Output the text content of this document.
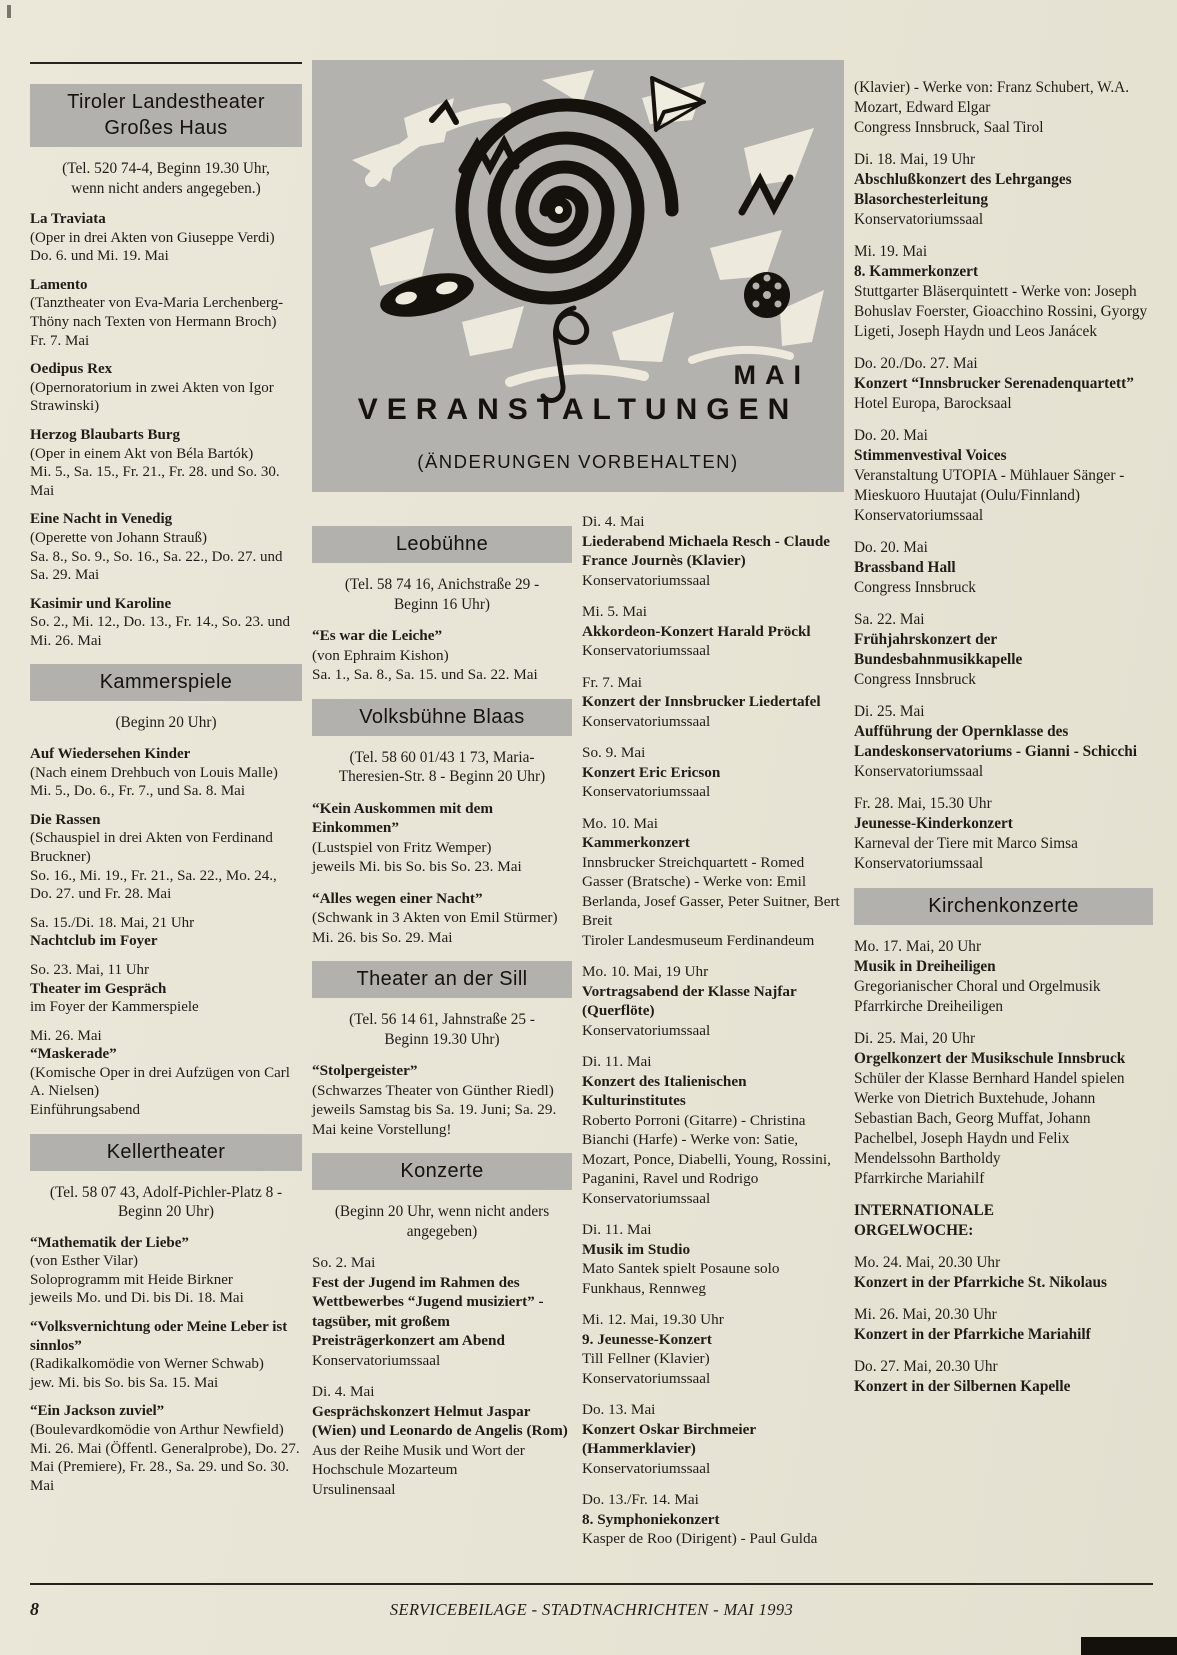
Tiroler Landestheater
Großes Haus

(Tel. 520 74-4, Beginn 19.30 Uhr,
wenn nicht anders angegeben.)

La Traviata

(Oper in drei Akten von Giuseppe Verdi)

Do. 6. und Mi. 19. Mai

Lamento

(Tanztheater von Eva-Maria Lerchenberg-Thöny nach Texten von Hermann Broch)

Fr. 7. Mai

Oedipus Rex

(Opernoratorium in zwei Akten von Igor Strawinski)

Herzog Blaubarts Burg

(Oper in einem Akt von Béla Bartók)

Mi. 5., Sa. 15., Fr. 21., Fr. 28. und So. 30. Mai

Eine Nacht in Venedig

(Operette von Johann Strauß)

Sa. 8., So. 9., So. 16., Sa. 22., Do. 27. und Sa. 29. Mai

Kasimir und Karoline

So. 2., Mi. 12., Do. 13., Fr. 14., So. 23. und Mi. 26. Mai

Kammerspiele

(Beginn 20 Uhr)

Auf Wiedersehen Kinder

(Nach einem Drehbuch von Louis Malle)

Mi. 5., Do. 6., Fr. 7., und Sa. 8. Mai

Die Rassen

(Schauspiel in drei Akten von Ferdinand Bruckner)

So. 16., Mi. 19., Fr. 21., Sa. 22., Mo. 24., Do. 27. und Fr. 28. Mai

Sa. 15./Di. 18. Mai, 21 Uhr

Nachtclub im Foyer

So. 23. Mai, 11 Uhr

Theater im Gespräch

im Foyer der Kammerspiele

Mi. 26. Mai

“Maskerade”

(Komische Oper in drei Aufzügen von Carl A. Nielsen)

Einführungsabend

Kellertheater

(Tel. 58 07 43, Adolf-Pichler-Platz 8 -
Beginn 20 Uhr)

“Mathematik der Liebe”

(von Esther Vilar)

Soloprogramm mit Heide Birkner

jeweils Mo. und Di. bis Di. 18. Mai

“Volksvernichtung oder Meine Leber ist sinnlos”

(Radikalkomödie von Werner Schwab)

jew. Mi. bis So. bis Sa. 15. Mai

“Ein Jackson zuviel”

(Boulevardkomödie von Arthur Newfield)

Mi. 26. Mai (Öffentl. Generalprobe), Do. 27. Mai (Premiere), Fr. 28., Sa. 29. und So. 30. Mai

MAI
VERANSTALTUNGEN
(ÄNDERUNGEN VORBEHALTEN)
Leobühne

(Tel. 58 74 16, Anichstraße 29 -
Beginn 16 Uhr)

“Es war die Leiche”

(von Ephraim Kishon)

Sa. 1., Sa. 8., Sa. 15. und Sa. 22. Mai

Volksbühne Blaas

(Tel. 58 60 01/43 1 73, Maria-
Theresien-Str. 8 - Beginn 20 Uhr)

“Kein Auskommen mit dem Einkommen”

(Lustspiel von Fritz Wemper)

jeweils Mi. bis So. bis So. 23. Mai

“Alles wegen einer Nacht”

(Schwank in 3 Akten von Emil Stürmer)

Mi. 26. bis So. 29. Mai

Theater an der Sill

(Tel. 56 14 61, Jahnstraße 25 -
Beginn 19.30 Uhr)

“Stolpergeister”

(Schwarzes Theater von Günther Riedl)

jeweils Samstag bis Sa. 19. Juni; Sa. 29. Mai keine Vorstellung!

Konzerte

(Beginn 20 Uhr, wenn nicht anders
angegeben)

So. 2. Mai

Fest der Jugend im Rahmen des Wettbewerbes “Jugend musiziert” - tagsüber, mit großem Preisträgerkonzert am Abend

Konservatoriumssaal

Di. 4. Mai

Gesprächskonzert Helmut Jaspar (Wien) und Leonardo de Angelis (Rom)

Aus der Reihe Musik und Wort der Hochschule Mozarteum

Ursulinensaal

Di. 4. Mai

Liederabend Michaela Resch - Claude France Journès (Klavier)

Konservatoriumssaal

Mi. 5. Mai

Akkordeon-Konzert Harald Pröckl

Konservatoriumssaal

Fr. 7. Mai

Konzert der Innsbrucker Liedertafel

Konservatoriumssaal

So. 9. Mai

Konzert Eric Ericson

Konservatoriumssaal

Mo. 10. Mai

Kammerkonzert

Innsbrucker Streichquartett - Romed Gasser (Bratsche) - Werke von: Emil Berlanda, Josef Gasser, Peter Suitner, Bert Breit

Tiroler Landesmuseum Ferdinandeum

Mo. 10. Mai, 19 Uhr

Vortragsabend der Klasse Najfar (Querflöte)

Konservatoriumssaal

Di. 11. Mai

Konzert des Italienischen Kulturinstitutes

Roberto Porroni (Gitarre) - Christina Bianchi (Harfe) - Werke von: Satie, Mozart, Ponce, Diabelli, Young, Rossini, Paganini, Ravel und Rodrigo

Konservatoriumssaal

Di. 11. Mai

Musik im Studio

Mato Santek spielt Posaune solo

Funkhaus, Rennweg

Mi. 12. Mai, 19.30 Uhr

9. Jeunesse-Konzert

Till Fellner (Klavier)

Konservatoriumssaal

Do. 13. Mai

Konzert Oskar Birchmeier (Hammerklavier)

Konservatoriumssaal

Do. 13./Fr. 14. Mai

8. Symphoniekonzert

Kasper de Roo (Dirigent) - Paul Gulda

(Klavier) - Werke von: Franz Schubert, W.A. Mozart, Edward Elgar

Congress Innsbruck, Saal Tirol

Di. 18. Mai, 19 Uhr

Abschlußkonzert des Lehrganges Blasorchesterleitung

Konservatoriumssaal

Mi. 19. Mai

8. Kammerkonzert

Stuttgarter Bläserquintett - Werke von: Joseph Bohuslav Foerster, Gioacchino Rossini, Gyorgy Ligeti, Joseph Haydn und Leos Janácek

Do. 20./Do. 27. Mai

Konzert “Innsbrucker Serenadenquartett”

Hotel Europa, Barocksaal

Do. 20. Mai

Stimmenvestival Voices

Veranstaltung UTOPIA - Mühlauer Sänger - Mieskuoro Huutajat (Oulu/Finnland)

Konservatoriumssaal

Do. 20. Mai

Brassband Hall

Congress Innsbruck

Sa. 22. Mai

Frühjahrskonzert der Bundesbahnmusikkapelle

Congress Innsbruck

Di. 25. Mai

Aufführung der Opernklasse des Landeskonservatoriums - Gianni - Schicchi

Konservatoriumssaal

Fr. 28. Mai, 15.30 Uhr

Jeunesse-Kinderkonzert

Karneval der Tiere mit Marco Simsa

Konservatoriumssaal

Kirchenkonzerte

Mo. 17. Mai, 20 Uhr

Musik in Dreiheiligen

Gregorianischer Choral und Orgelmusik

Pfarrkirche Dreiheiligen

Di. 25. Mai, 20 Uhr

Orgelkonzert der Musikschule Innsbruck

Schüler der Klasse Bernhard Handel spielen Werke von Dietrich Buxtehude, Johann Sebastian Bach, Georg Muffat, Johann Pachelbel, Joseph Haydn und Felix Mendelssohn Bartholdy

Pfarrkirche Mariahilf

INTERNATIONALE

ORGELWOCHE:

Mo. 24. Mai, 20.30 Uhr

Konzert in der Pfarrkiche St. Nikolaus

Mi. 26. Mai, 20.30 Uhr

Konzert in der Pfarrkiche Mariahilf

Do. 27. Mai, 20.30 Uhr

Konzert in der Silbernen Kapelle

8	SERVICEBEILAGE - STADTNACHRICHTEN - MAI 1993
